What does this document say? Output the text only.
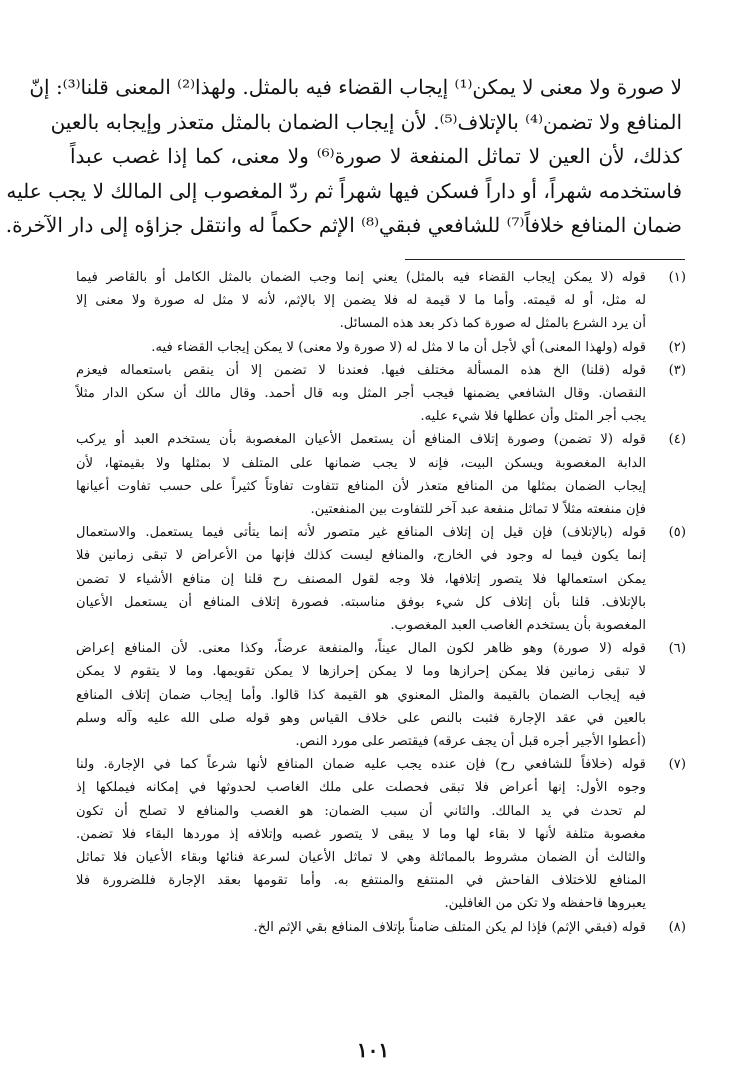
لا صورة ولا معنى لا يمكن⁽¹⁾ إيجاب القضاء فيه بالمثل. ولهذا⁽²⁾ المعنى قلنا⁽³⁾: إنّ
المنافع ولا تضمن⁽⁴⁾ بالإتلاف⁽⁵⁾. لأن إيجاب الضمان بالمثل متعذر وإيجابه بالعين
كذلك، لأن العين لا تماثل المنفعة لا صورة⁽⁶⁾ ولا معنى، كما إذا غصب عبداً
فاستخدمه شهراً، أو داراً فسكن فيها شهراً ثم ردّ المغصوب إلى المالك لا يجب عليه
ضمان المنافع خلافاً⁽⁷⁾ للشافعي فبقي⁽⁸⁾ الإثم حكماً له وانتقل جزاؤه إلى دار الآخرة.
(١)
قوله (لا يمكن إيجاب القضاء فيه بالمثل) يعني إنما وجب الضمان بالمثل الكامل أو بالقاصر فيما
له مثل، أو له قيمته. وأما ما لا قيمة له فلا يضمن إلا بالإثم، لأنه لا مثل له صورة ولا معنى إلا
أن يرد الشرع بالمثل له صورة كما ذكر بعد هذه المسائل.
(٢)
قوله (ولهذا المعنى) أي لأجل أن ما لا مثل له (لا صورة ولا معنى) لا يمكن إيجاب القضاء فيه.
(٣)
قوله (قلنا) الخ هذه المسألة مختلف فيها. فعندنا لا تضمن إلا أن ينقص باستعماله فيعزم
النقصان. وقال الشافعي يضمنها فيجب أجر المثل وبه قال أحمد. وقال مالك أن سكن الدار مثلاً
يجب أجر المثل وأن عطلها فلا شيء عليه.
(٤)
قوله (لا تضمن) وصورة إتلاف المنافع أن يستعمل الأعيان المغصوبة بأن يستخدم العبد أو يركب
الدابة المغصوبة ويسكن البيت، فإنه لا يجب ضمانها على المتلف لا بمثلها ولا بقيمتها، لأن
إيجاب الضمان بمثلها من المنافع متعذر لأن المنافع تتفاوت تفاوتاً كثيراً على حسب تفاوت أعيانها
فإن منفعته مثلاً لا تماثل منفعة عبد آخر للتفاوت بين المنفعتين.
(٥)
قوله (بالإتلاف) فإن قيل إن إتلاف المنافع غير متصور لأنه إنما يتأتى فيما يستعمل. والاستعمال
إنما يكون فيما له وجود في الخارج، والمنافع ليست كذلك فإنها من الأعراض لا تبقى زمانين فلا
يمكن استعمالها فلا يتصور إتلافها، فلا وجه لقول المصنف رح قلنا إن منافع الأشياء لا تضمن
بالإتلاف. قلنا بأن إتلاف كل شيء بوفق مناسبته. فصورة إتلاف المنافع أن يستعمل الأعيان
المغصوبة بأن يستخدم الغاصب العبد المغصوب.
(٦)
قوله (لا صورة) وهو ظاهر لكون المال عيناً، والمنفعة عرضاً، وكذا معنى. لأن المنافع إعراض
لا تبقى زمانين فلا يمكن إحرازها وما لا يمكن إحرازها لا يمكن تقويمها. وما لا يتقوم لا يمكن
فيه إيجاب الضمان بالقيمة والمثل المعنوي هو القيمة كذا قالوا. وأما إيجاب ضمان إتلاف المنافع
بالعين في عقد الإجارة فثبت بالنص على خلاف القياس وهو قوله صلى الله عليه وآله وسلم
(أعطوا الأجير أجره قبل أن يجف عرقه) فيقتصر على مورد النص.
(٧)
قوله (خلافاً للشافعي رح) فإن عنده يجب عليه ضمان المنافع لأنها شرعاً كما في الإجارة. ولنا
وجوه الأول: إنها أعراض فلا تبقى فحصلت على ملك الغاصب لحدوثها في إمكانه فيملكها إذ
لم تحدث في يد المالك. والثاني أن سبب الضمان: هو الغصب والمنافع لا تصلح أن تكون
مغصوبة متلفة لأنها لا بقاء لها وما لا يبقى لا يتصور غصبه وإتلافه إذ موردها البقاء فلا تضمن.
والثالث أن الضمان مشروط بالمماثلة وهي لا تماثل الأعيان لسرعة فنائها وبقاء الأعيان فلا تماثل
المنافع للاختلاف الفاحش في المنتفع والمنتفع به. وأما تقومها بعقد الإجارة فللضرورة فلا
يعبروها فاحفظه ولا تكن من الغافلين.
(٨)
قوله (فبقي الإثم) فإذا لم يكن المتلف ضامناً بإتلاف المنافع بقي الإثم الخ.
١٠١
